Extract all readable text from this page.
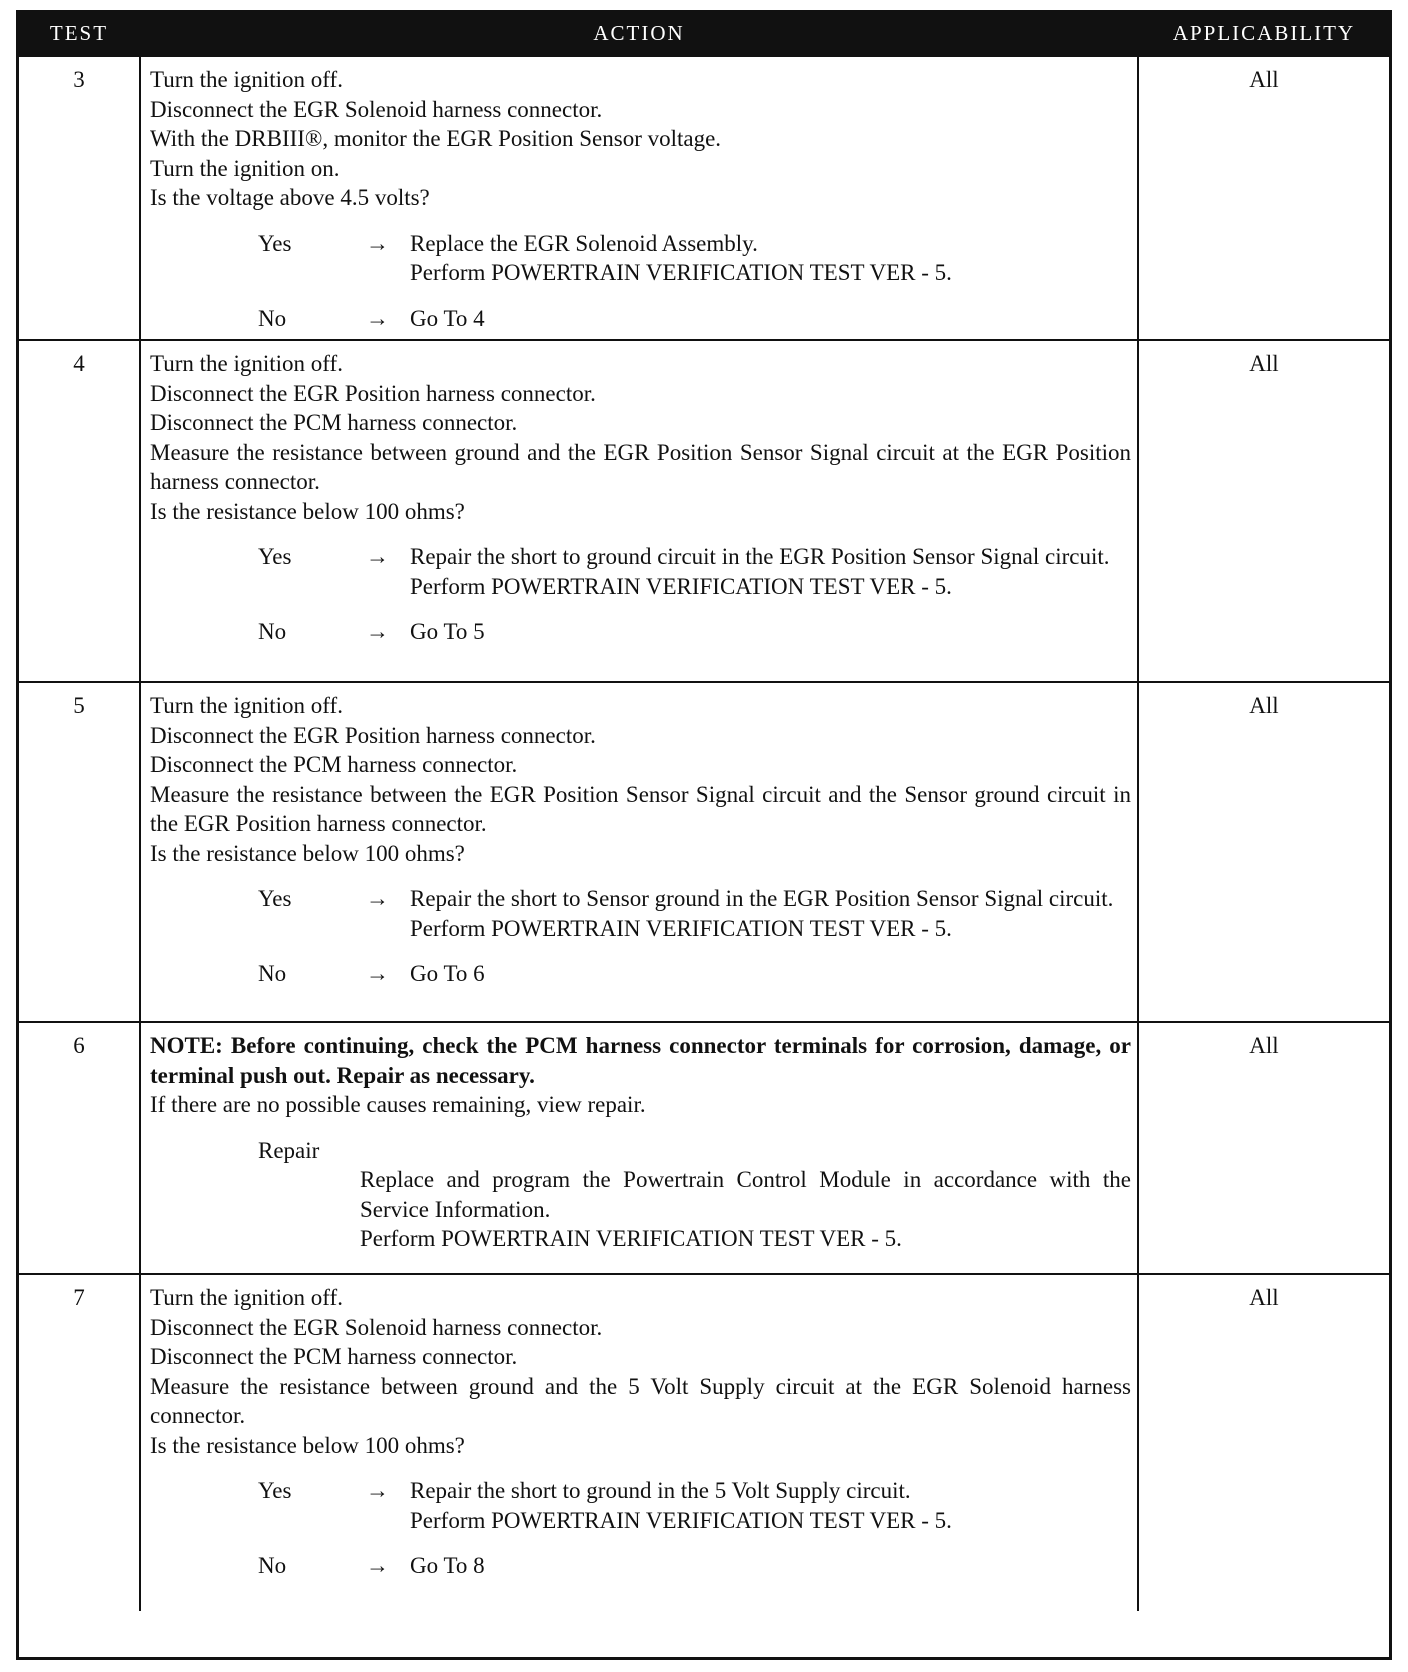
TEST	ACTION	APPLICABILITY
3	Turn the ignition off.
Disconnect the EGR Solenoid harness connector.
With the DRBIII®, monitor the EGR Position Sensor voltage.
Turn the ignition on.
Is the voltage above 4.5 volts?
Yes	→ Replace the EGR Solenoid Assembly.
Perform POWERTRAIN VERIFICATION TEST VER - 5.
No	→ Go To 4
All
4	Turn the ignition off.
Disconnect the EGR Position harness connector.
Disconnect the PCM harness connector.
Measure the resistance between ground and the EGR Position Sensor Signal circuit at the EGR Position harness connector.
Is the resistance below 100 ohms?
Yes	→ Repair the short to ground circuit in the EGR Position Sensor Signal circuit.
Perform POWERTRAIN VERIFICATION TEST VER - 5.
No	→ Go To 5
All
5	Turn the ignition off.
Disconnect the EGR Position harness connector.
Disconnect the PCM harness connector.
Measure the resistance between the EGR Position Sensor Signal circuit and the Sensor ground circuit in the EGR Position harness connector.
Is the resistance below 100 ohms?
Yes	→ Repair the short to Sensor ground in the EGR Position Sensor Signal circuit.
Perform POWERTRAIN VERIFICATION TEST VER - 5.
No	→ Go To 6
All
6	NOTE: Before continuing, check the PCM harness connector terminals for corrosion, damage, or terminal push out. Repair as necessary.
If there are no possible causes remaining, view repair.
Repair
Replace and program the Powertrain Control Module in accordance with the Service Information.
Perform POWERTRAIN VERIFICATION TEST VER - 5.
All
7	Turn the ignition off.
Disconnect the EGR Solenoid harness connector.
Disconnect the PCM harness connector.
Measure the resistance between ground and the 5 Volt Supply circuit at the EGR Solenoid harness connector.
Is the resistance below 100 ohms?
Yes	→ Repair the short to ground in the 5 Volt Supply circuit.
Perform POWERTRAIN VERIFICATION TEST VER - 5.
No	→ Go To 8
All
